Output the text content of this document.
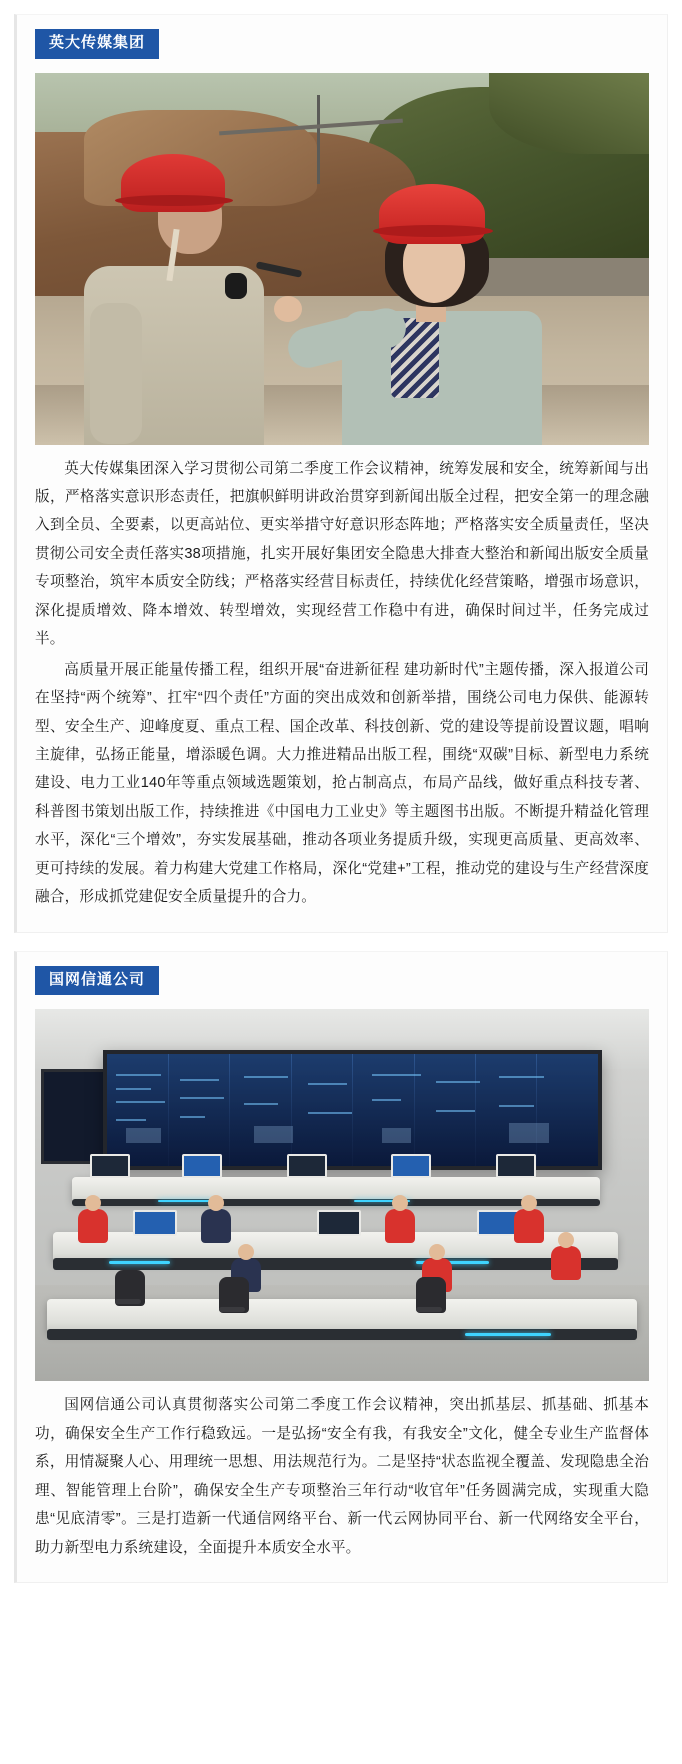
英大传媒集团

英大传媒集团深入学习贯彻公司第二季度工作会议精神，统筹发展和安全，统筹新闻与出版，严格落实意识形态责任，把旗帜鲜明讲政治贯穿到新闻出版全过程，把安全第一的理念融入到全员、全要素，以更高站位、更实举措守好意识形态阵地；严格落实安全质量责任，坚决贯彻公司安全责任落实38项措施，扎实开展好集团安全隐患大排查大整治和新闻出版安全质量专项整治，筑牢本质安全防线；严格落实经营目标责任，持续优化经营策略，增强市场意识，深化提质增效、降本增效、转型增效，实现经营工作稳中有进，确保时间过半，任务完成过半。

高质量开展正能量传播工程，组织开展“奋进新征程 建功新时代”主题传播，深入报道公司在坚持“两个统筹”、扛牢“四个责任”方面的突出成效和创新举措，围绕公司电力保供、能源转型、安全生产、迎峰度夏、重点工程、国企改革、科技创新、党的建设等提前设置议题，唱响主旋律，弘扬正能量，增添暖色调。大力推进精品出版工程，围绕“双碳”目标、新型电力系统建设、电力工业140年等重点领域选题策划，抢占制高点，布局产品线，做好重点科技专著、科普图书策划出版工作，持续推进《中国电力工业史》等主题图书出版。不断提升精益化管理水平，深化“三个增效”，夯实发展基础，推动各项业务提质升级，实现更高质量、更高效率、更可持续的发展。着力构建大党建工作格局，深化“党建+”工程，推动党的建设与生产经营深度融合，形成抓党建促安全质量提升的合力。

国网信通公司

国网信通公司认真贯彻落实公司第二季度工作会议精神，突出抓基层、抓基础、抓基本功，确保安全生产工作行稳致远。一是弘扬“安全有我，有我安全”文化，健全专业生产监督体系，用情凝聚人心、用理统一思想、用法规范行为。二是坚持“状态监视全覆盖、发现隐患全治理、智能管理上台阶”，确保安全生产专项整治三年行动“收官年”任务圆满完成，实现重大隐患“见底清零”。三是打造新一代通信网络平台、新一代云网协同平台、新一代网络安全平台，助力新型电力系统建设，全面提升本质安全水平。
